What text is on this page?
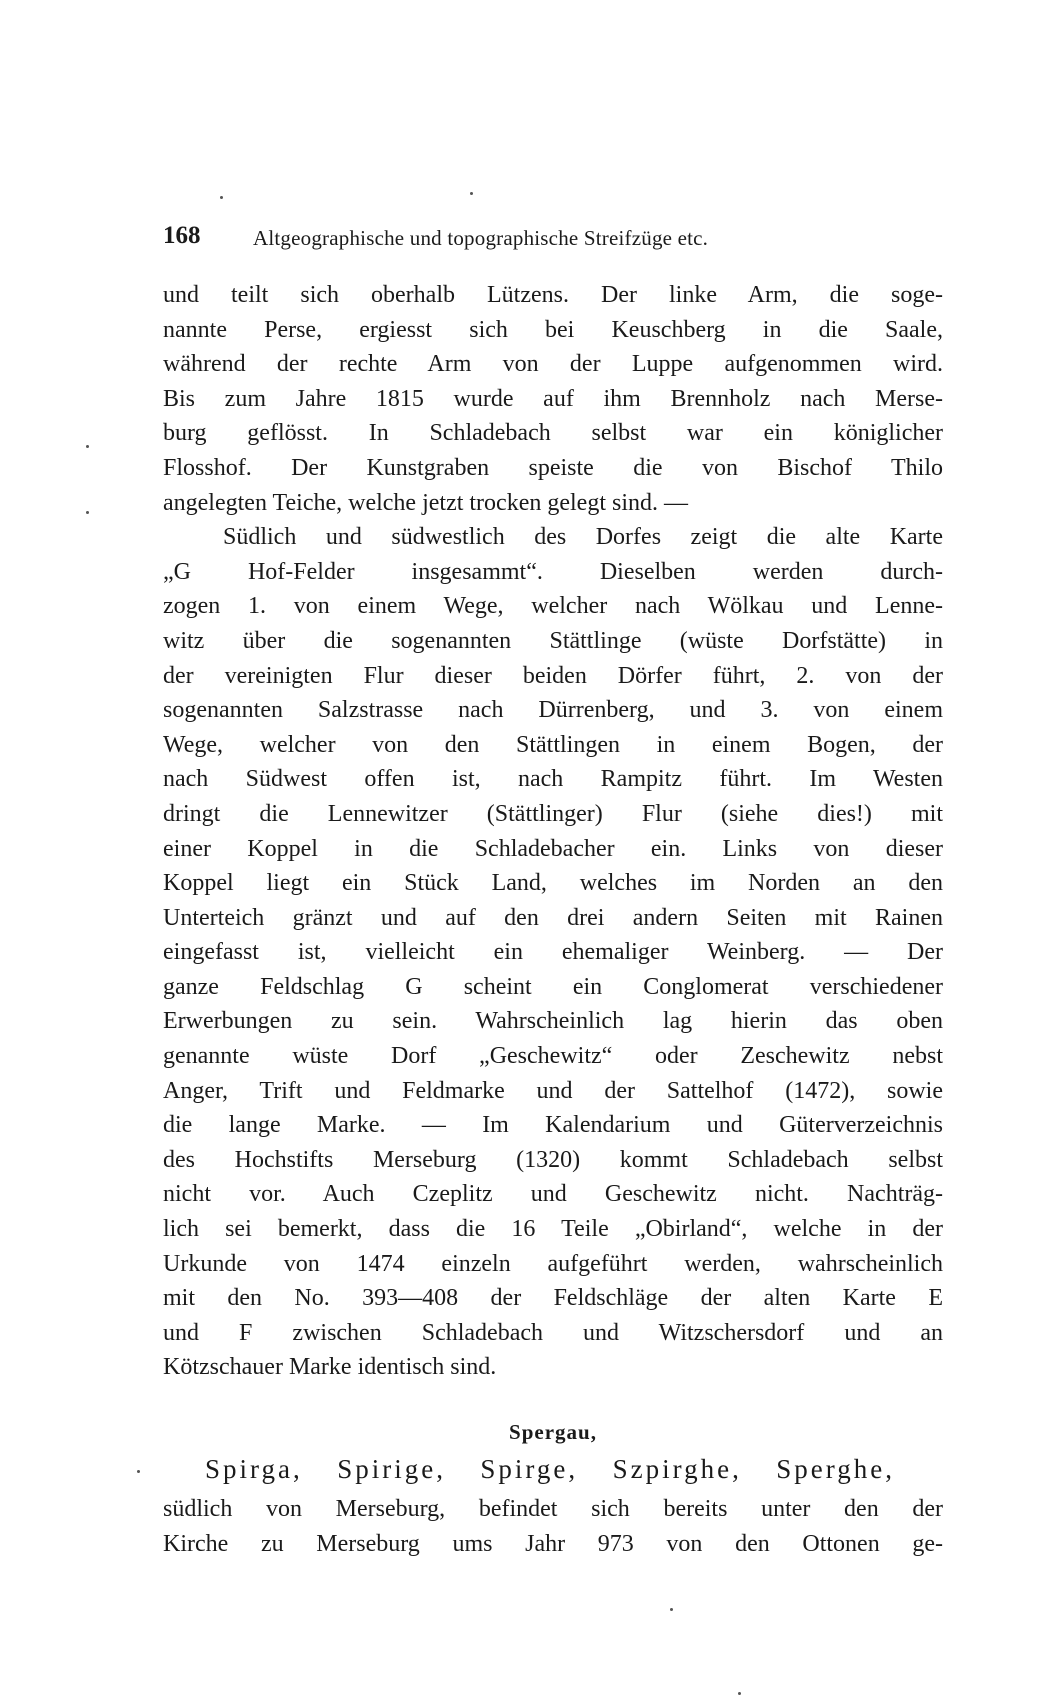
168	Altgeographische und topographische Streifzüge etc.
und teilt sich oberhalb Lützens. Der linke Arm, die soge-
nannte Perse, ergiesst sich bei Keuschberg in die Saale,
während der rechte Arm von der Luppe aufgenommen wird.
Bis zum Jahre 1815 wurde auf ihm Brennholz nach Merse-
burg geflösst. In Schladebach selbst war ein königlicher
Flosshof. Der Kunstgraben speiste die von Bischof Thilo
angelegten Teiche, welche jetzt trocken gelegt sind. —
Südlich und südwestlich des Dorfes zeigt die alte Karte
„G Hof-Felder insgesammt“. Dieselben werden durch-
zogen 1. von einem Wege, welcher nach Wölkau und Lenne-
witz über die sogenannten Stättlinge (wüste Dorfstätte) in
der vereinigten Flur dieser beiden Dörfer führt, 2. von der
sogenannten Salzstrasse nach Dürrenberg, und 3. von einem
Wege, welcher von den Stättlingen in einem Bogen, der
nach Südwest offen ist, nach Rampitz führt. Im Westen
dringt die Lennewitzer (Stättlinger) Flur (siehe dies!) mit
einer Koppel in die Schladebacher ein. Links von dieser
Koppel liegt ein Stück Land, welches im Norden an den
Unterteich gränzt und auf den drei andern Seiten mit Rainen
eingefasst ist, vielleicht ein ehemaliger Weinberg. — Der
ganze Feldschlag G scheint ein Conglomerat verschiedener
Erwerbungen zu sein. Wahrscheinlich lag hierin das oben
genannte wüste Dorf „Geschewitz“ oder Zeschewitz nebst
Anger, Trift und Feldmarke und der Sattelhof (1472), sowie
die lange Marke. — Im Kalendarium und Güterverzeichnis
des Hochstifts Merseburg (1320) kommt Schladebach selbst
nicht vor. Auch Czeplitz und Geschewitz nicht. Nachträg-
lich sei bemerkt, dass die 16 Teile „Obirland“, welche in der
Urkunde von 1474 einzeln aufgeführt werden, wahrscheinlich
mit den No. 393—408 der Feldschläge der alten Karte E
und F zwischen Schladebach und Witzschersdorf und an
Kötzschauer Marke identisch sind.
Spergau,
Spirga, Spirige, Spirge, Szpirghe, Sperghe,
südlich von Merseburg, befindet sich bereits unter den der
Kirche zu Merseburg ums Jahr 973 von den Ottonen ge-
